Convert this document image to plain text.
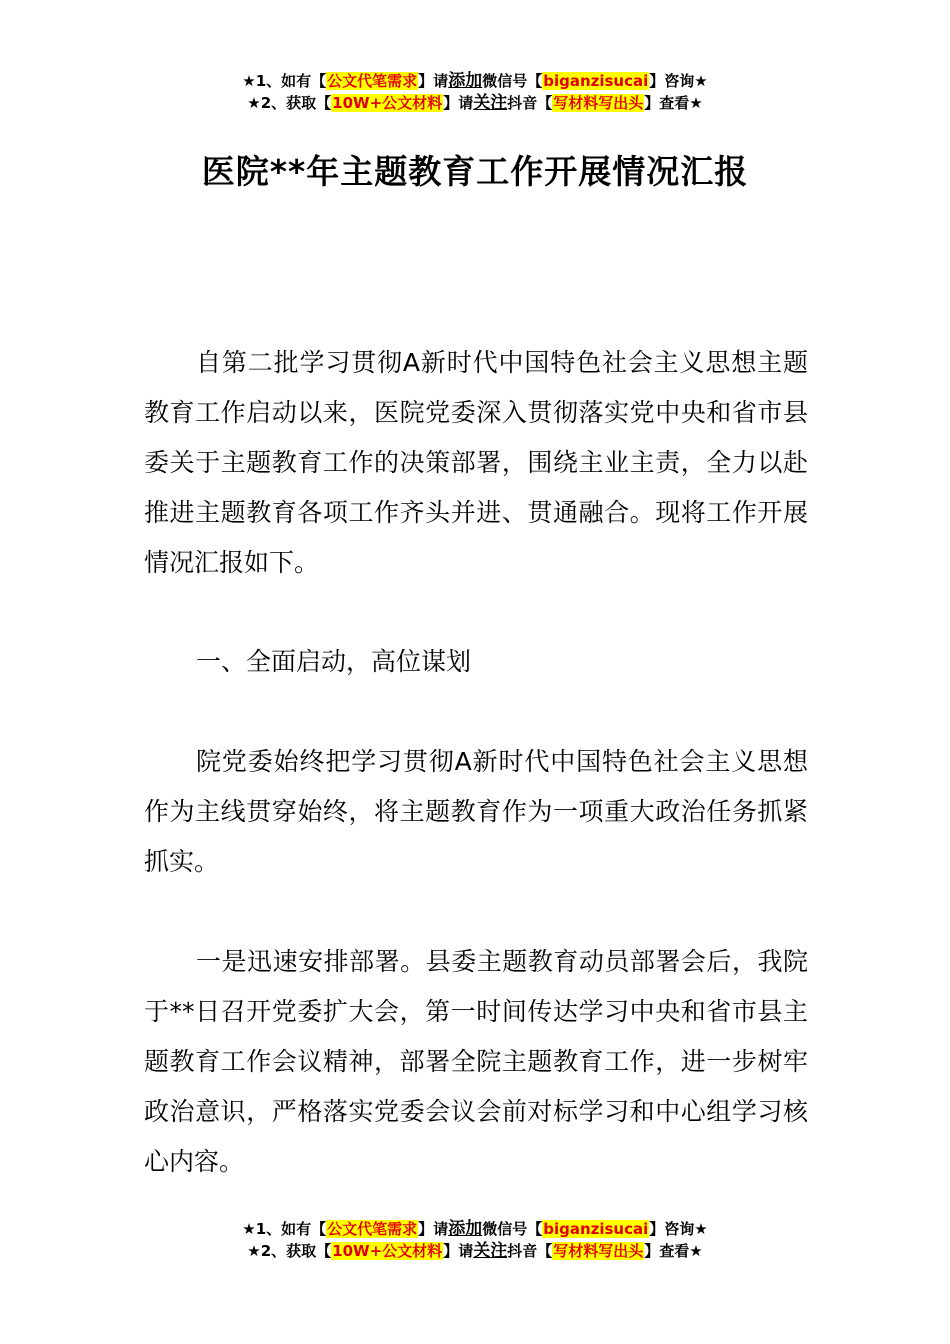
★1、如有【公文代笔需求】请添加微信号【biganzisucai】咨询★
★2、获取【10W+公文材料】请关注抖音【写材料写出头】查看★
医院**年主题教育工作开展情况汇报

自第二批学习贯彻A新时代中国特色社会主义思想主题教育工作启动以来，医院党委深入贯彻落实党中央和省市县委关于主题教育工作的决策部署，围绕主业主责，全力以赴推进主题教育各项工作齐头并进、贯通融合。现将工作开展情况汇报如下。

一、全面启动，高位谋划

院党委始终把学习贯彻A新时代中国特色社会主义思想作为主线贯穿始终，将主题教育作为一项重大政治任务抓紧抓实。

一是迅速安排部署。县委主题教育动员部署会后，我院于**日召开党委扩大会，第一时间传达学习中央和省市县主题教育工作会议精神，部署全院主题教育工作，进一步树牢政治意识，严格落实党委会议会前对标学习和中心组学习核心内容。

★1、如有【公文代笔需求】请添加微信号【biganzisucai】咨询★
★2、获取【10W+公文材料】请关注抖音【写材料写出头】查看★
